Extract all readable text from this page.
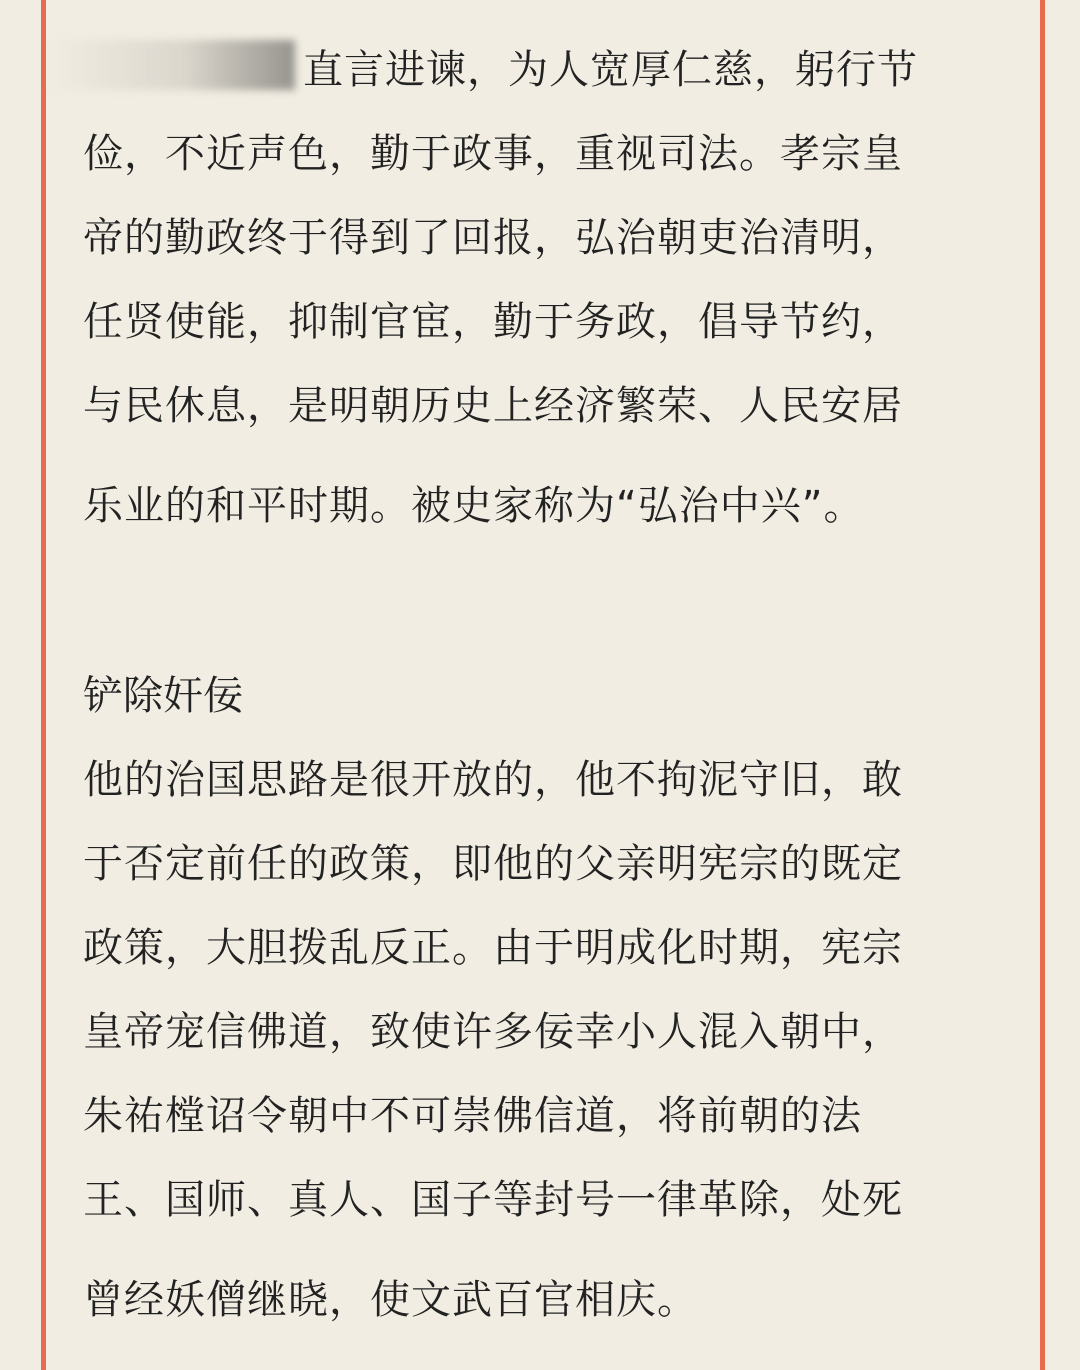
直言进谏，为人宽厚仁慈，躬行节
俭，不近声色，勤于政事，重视司法。孝宗皇
帝的勤政终于得到了回报，弘治朝吏治清明，
任贤使能，抑制官宦，勤于务政，倡导节约，
与民休息，是明朝历史上经济繁荣、人民安居
乐业的和平时期。被史家称为“弘治中兴”。
铲除奸佞
他的治国思路是很开放的，他不拘泥守旧，敢
于否定前任的政策，即他的父亲明宪宗的既定
政策，大胆拨乱反正。由于明成化时期，宪宗
皇帝宠信佛道，致使许多佞幸小人混入朝中，
朱祐樘诏令朝中不可崇佛信道，将前朝的法
王、国师、真人、国子等封号一律革除，处死
曾经妖僧继晓，使文武百官相庆。
